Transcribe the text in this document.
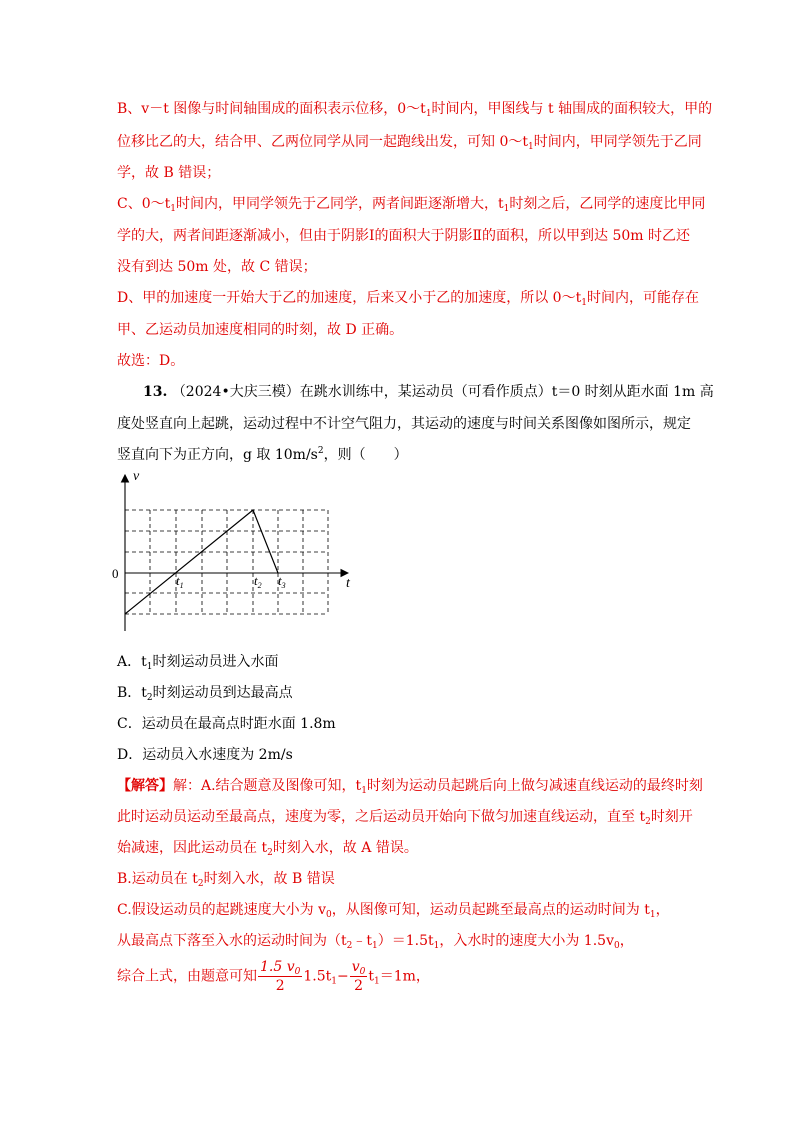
B、v－t 图像与时间轴围成的面积表示位移，$0\sim t_1$时间内，甲图线与 t 轴围成的面积较大，甲的
位移比乙的大，结合甲、乙两位同学从同一起跑线出发，可知 $0\sim t_1$时间内，甲同学领先于乙同
学，故 B 错误；
C、$0\sim t_1$时间内，甲同学领先于乙同学，两者间距逐渐增大，$t_1$时刻之后，乙同学的速度比甲同
学的大，两者间距逐渐减小，但由于阴影Ⅰ的面积大于阴影Ⅱ的面积，所以甲到达 50m 时乙还
没有到达 50m 处，故 C 错误；
D、甲的加速度一开始大于乙的加速度，后来又小于乙的加速度，所以 $0\sim t_1$时间内，可能存在
甲、乙运动员加速度相同的时刻，故 D 正确。
故选：D。
13. （2024•大庆三模）在跳水训练中，某运动员（可看作质点）t＝0 时刻从距水面 1m 高
度处竖直向上起跳，运动过程中不计空气阻力，其运动的速度与时间关系图像如图所示，规定
竖直向下为正方向，g 取 $10m/s^2$，则（　　）
v
t
0	$t_1$	$t_2$ $t_3$
A．$t_1$时刻运动员进入水面
B．$t_2$时刻运动员到达最高点
C．运动员在最高点时距水面 1.8m
D．运动员入水速度为 2m/s
【解答】解：A.结合题意及图像可知，$t_1$时刻为运动员起跳后向上做匀减速直线运动的最终时刻
此时运动员运动至最高点，速度为零，之后运动员开始向下做匀加速直线运动，直至 $t_2$时刻开
始减速，因此运动员在 $t_2$时刻入水，故 A 错误。
B.运动员在 $t_2$时刻入水，故 B 错误
C.假设运动员的起跳速度大小为 $v_0$，从图像可知，运动员起跳至最高点的运动时间为 $t_1$，
从最高点下落至入水的运动时间为$(t_2﹣t_1)=1.5t_1$，入水时的速度大小为 $1.5v_0$，
综合上式，由题意可知 $\frac{1.5 v_0}{2} 1.5t_1- \frac{v_0}{2} t_1=1m$，
